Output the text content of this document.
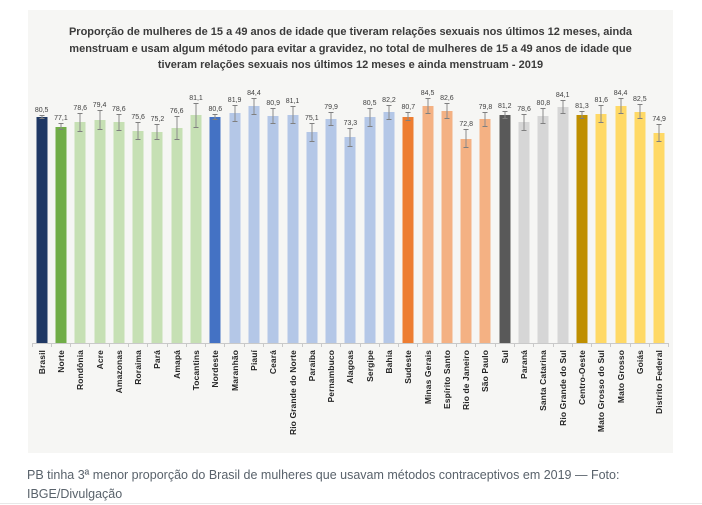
Proporção de mulheres de 15 a 49 anos de idade que tiveram relações sexuais nos últimos 12 meses, ainda menstruam e usam algum método para evitar a gravidez, no total de mulheres de 15 a 49 anos de idade que tiveram relações sexuais nos últimos 12 meses e ainda menstruam - 2019
80,5
77,1
78,6 79,4
78,6
75,6 75,2
76,6
81,1
80,6
81,9
84,4
80,9 81,1
75,1
79,9
73,3
80,5 82,2
80,7
84,5
82,6
72,8
79,8 81,2 78,6
80,8
84,1
81,3
81,6
84,4
82,5
74,9
Brasil Norte Rondônia Acre Amazonas Roraima Pará Amapá Tocantins Nordeste Maranhão Piauí Ceará Rio Grande do Norte Paraíba Pernambuco Alagoas Sergipe Bahia Sudeste Minas Gerais Espírito Santo Rio de Janeiro São Paulo Sul Paraná Santa Catarina Rio Grande do Sul Centro-Oeste Mato Grosso do Sul Mato Grosso Goiás Distrito Federal
PB tinha 3ª menor proporção do Brasil de mulheres que usavam métodos contraceptivos em 2019 — Foto: IBGE/Divulgação
